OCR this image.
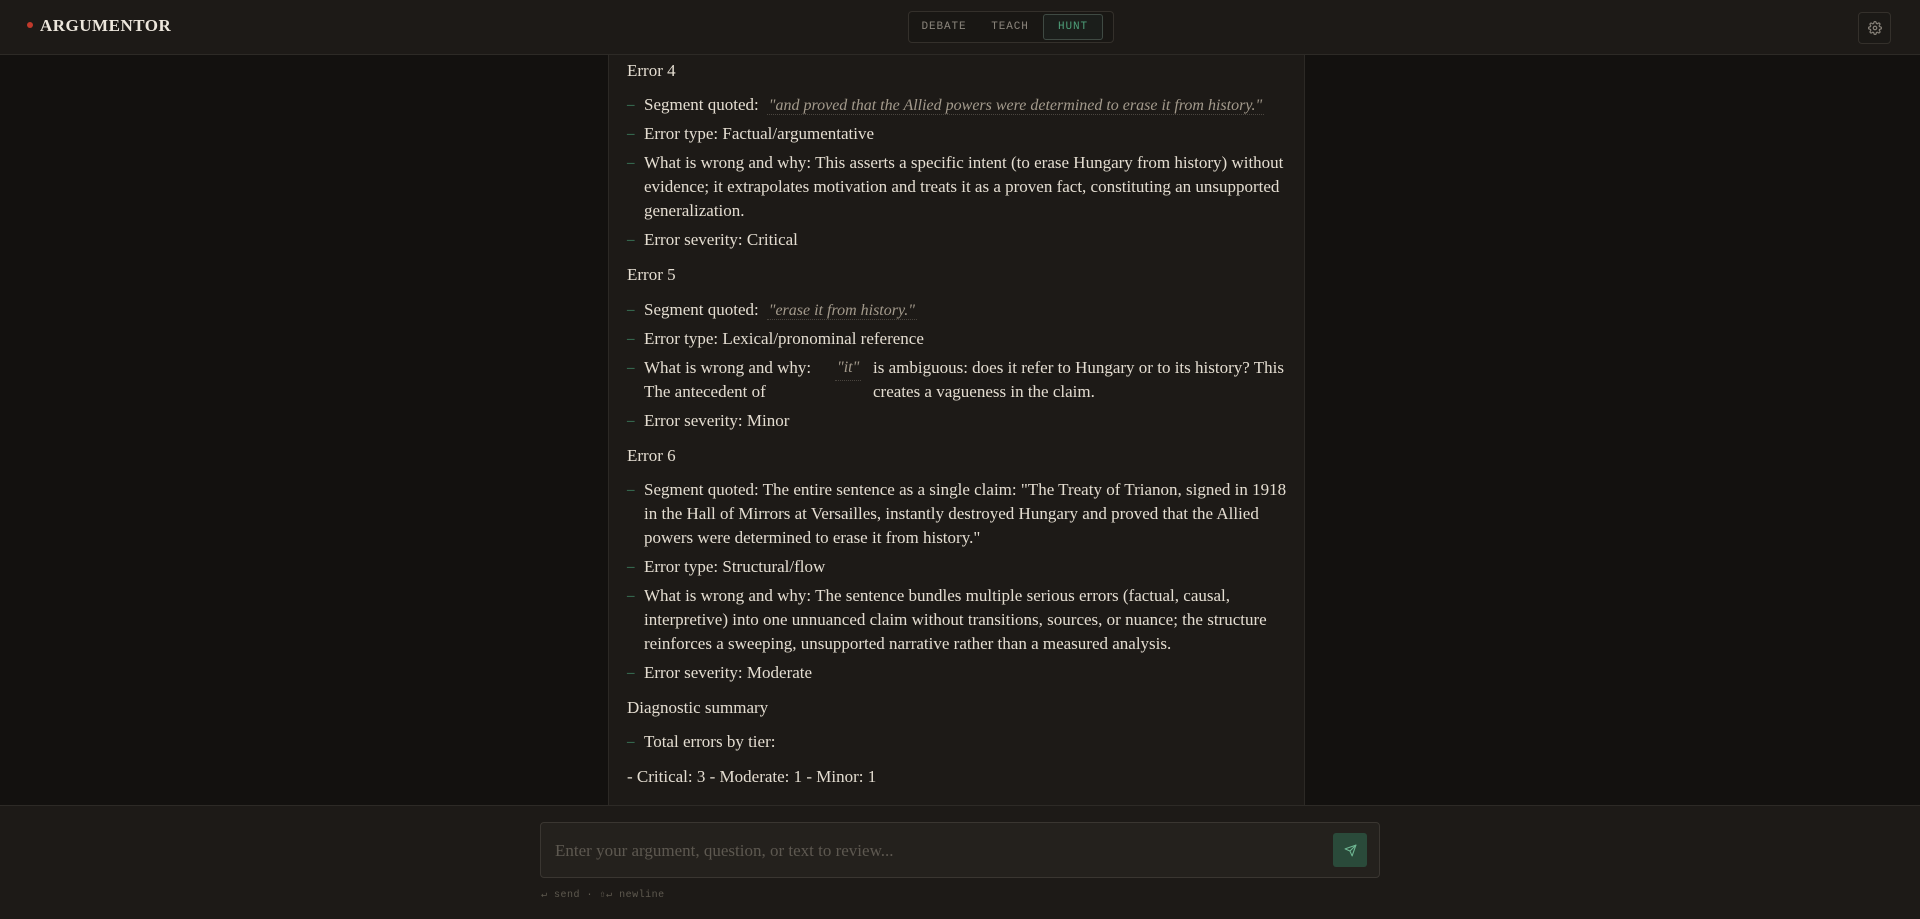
ARGUMENTOR	DEBATE	TEACH	HUNT
Error 4
– Segment quoted: "and proved that the Allied powers were determined to erase it from history."
– Error type: Factual/argumentative
– What is wrong and why: This asserts a specific intent (to erase Hungary from history) without evidence; it extrapolates motivation and treats it as a proven fact, constituting an unsupported generalization.
– Error severity: Critical
Error 5
– Segment quoted: "erase it from history."
– Error type: Lexical/pronominal reference
– What is wrong and why: The antecedent of
"it" is ambiguous: does it refer to Hungary or to its history? This creates a vagueness in the claim.
– Error severity: Minor
Error 6
– Segment quoted: The entire sentence as a single claim: "The Treaty of Trianon, signed in 1918 in the Hall of Mirrors at Versailles, instantly destroyed Hungary and proved that the Allied powers were determined to erase it from history."
– Error type: Structural/flow
– What is wrong and why: The sentence bundles multiple serious errors (factual, causal, interpretive) into one unnuanced claim without transitions, sources, or nuance; the structure reinforces a sweeping, unsupported narrative rather than a measured analysis.
– Error severity: Moderate
Diagnostic summary
– Total errors by tier:
- Critical: 3 - Moderate: 1 - Minor: 1
Enter your argument, question, or text to review...
↵ send · ⇧↵ newline
